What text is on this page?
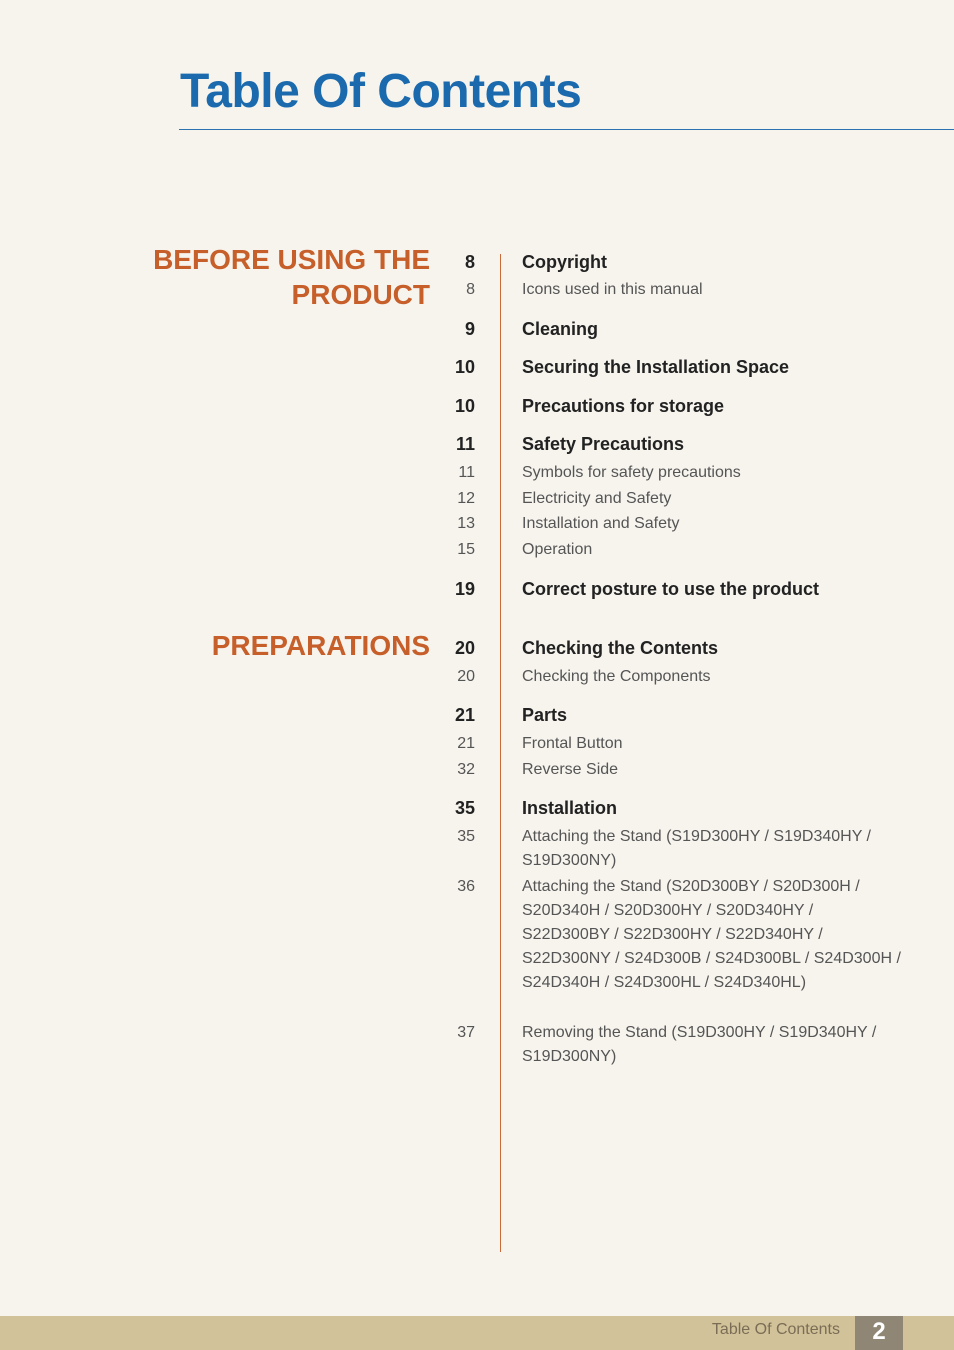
Table Of Contents
BEFORE USING THE
PRODUCT
8	Copyright
8	Icons used in this manual
9	Cleaning
10	Securing the Installation Space
10	Precautions for storage
11	Safety Precautions
11	Symbols for safety precautions
12	Electricity and Safety
13	Installation and Safety
15	Operation
19	Correct posture to use the product
PREPARATIONS	20	Checking the Contents
20	Checking the Components
21	Parts
21	Frontal Button
32	Reverse Side
35	Installation
35	Attaching the Stand (S19D300HY / S19D340HY / S19D300NY)
36	Attaching the Stand (S20D300BY / S20D300H / S20D340H / S20D300HY / S20D340HY / S22D300BY / S22D300HY / S22D340HY / S22D300NY / S24D300B / S24D300BL / S24D300H / S24D340H / S24D300HL / S24D340HL)
37	Removing the Stand (S19D300HY / S19D340HY / S19D300NY)
Table Of Contents	2
